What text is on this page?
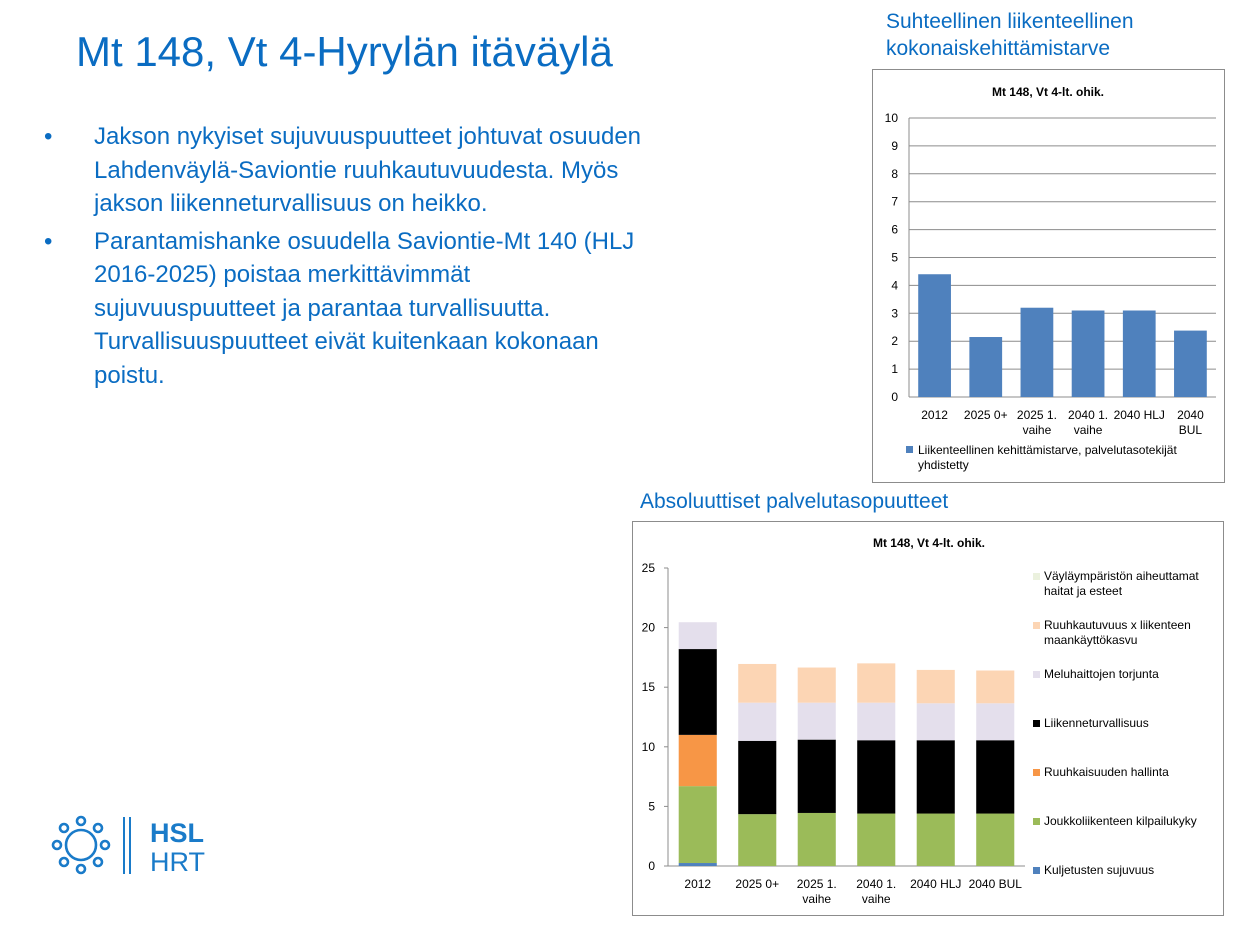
Mt 148, Vt 4-Hyrylän itäväylä
• Jakson nykyiset sujuvuuspuutteet johtuvat osuuden Lahdenväylä-Saviontie ruuhkautuvuudesta. Myös jakson liikenneturvallisuus on heikko.
• Parantamishanke osuudella Saviontie-Mt 140 (HLJ 2016-2025) poistaa merkittävimmät sujuvuuspuutteet ja parantaa turvallisuutta. Turvallisuuspuutteet eivät kuitenkaan kokonaan poistu.

Suhteellinen liikenteellinen kokonaiskehittämistarve

Mt 148, Vt 4-lt. ohik.
0
1
2
3
4
5
6
7
8
9
10
2012 2025 0+ 2025 1.
vaihe
2040 1.
vaihe
2040 HLJ 2040
BUL
Liikenteellinen kehittämistarve, palvelutasotekijät
yhdistetty

Absoluuttiset palvelutasopuutteet

Mt 148, Vt 4-lt. ohik.
0
5
10
15
20
25
2012 2025 0+ 2025 1.
vaihe
2040 1.
vaihe
2040 HLJ 2040 BUL
Väyläympäristön aiheuttamat
haitat ja esteet
Ruuhkautuvuus x liikenteen
maankäyttökasvu
Meluhaittojen torjunta
Liikenneturvallisuus
Ruuhkaisuuden hallinta
Joukkoliikenteen kilpailukyky
Kuljetusten sujuvuus
HSL
HRT
